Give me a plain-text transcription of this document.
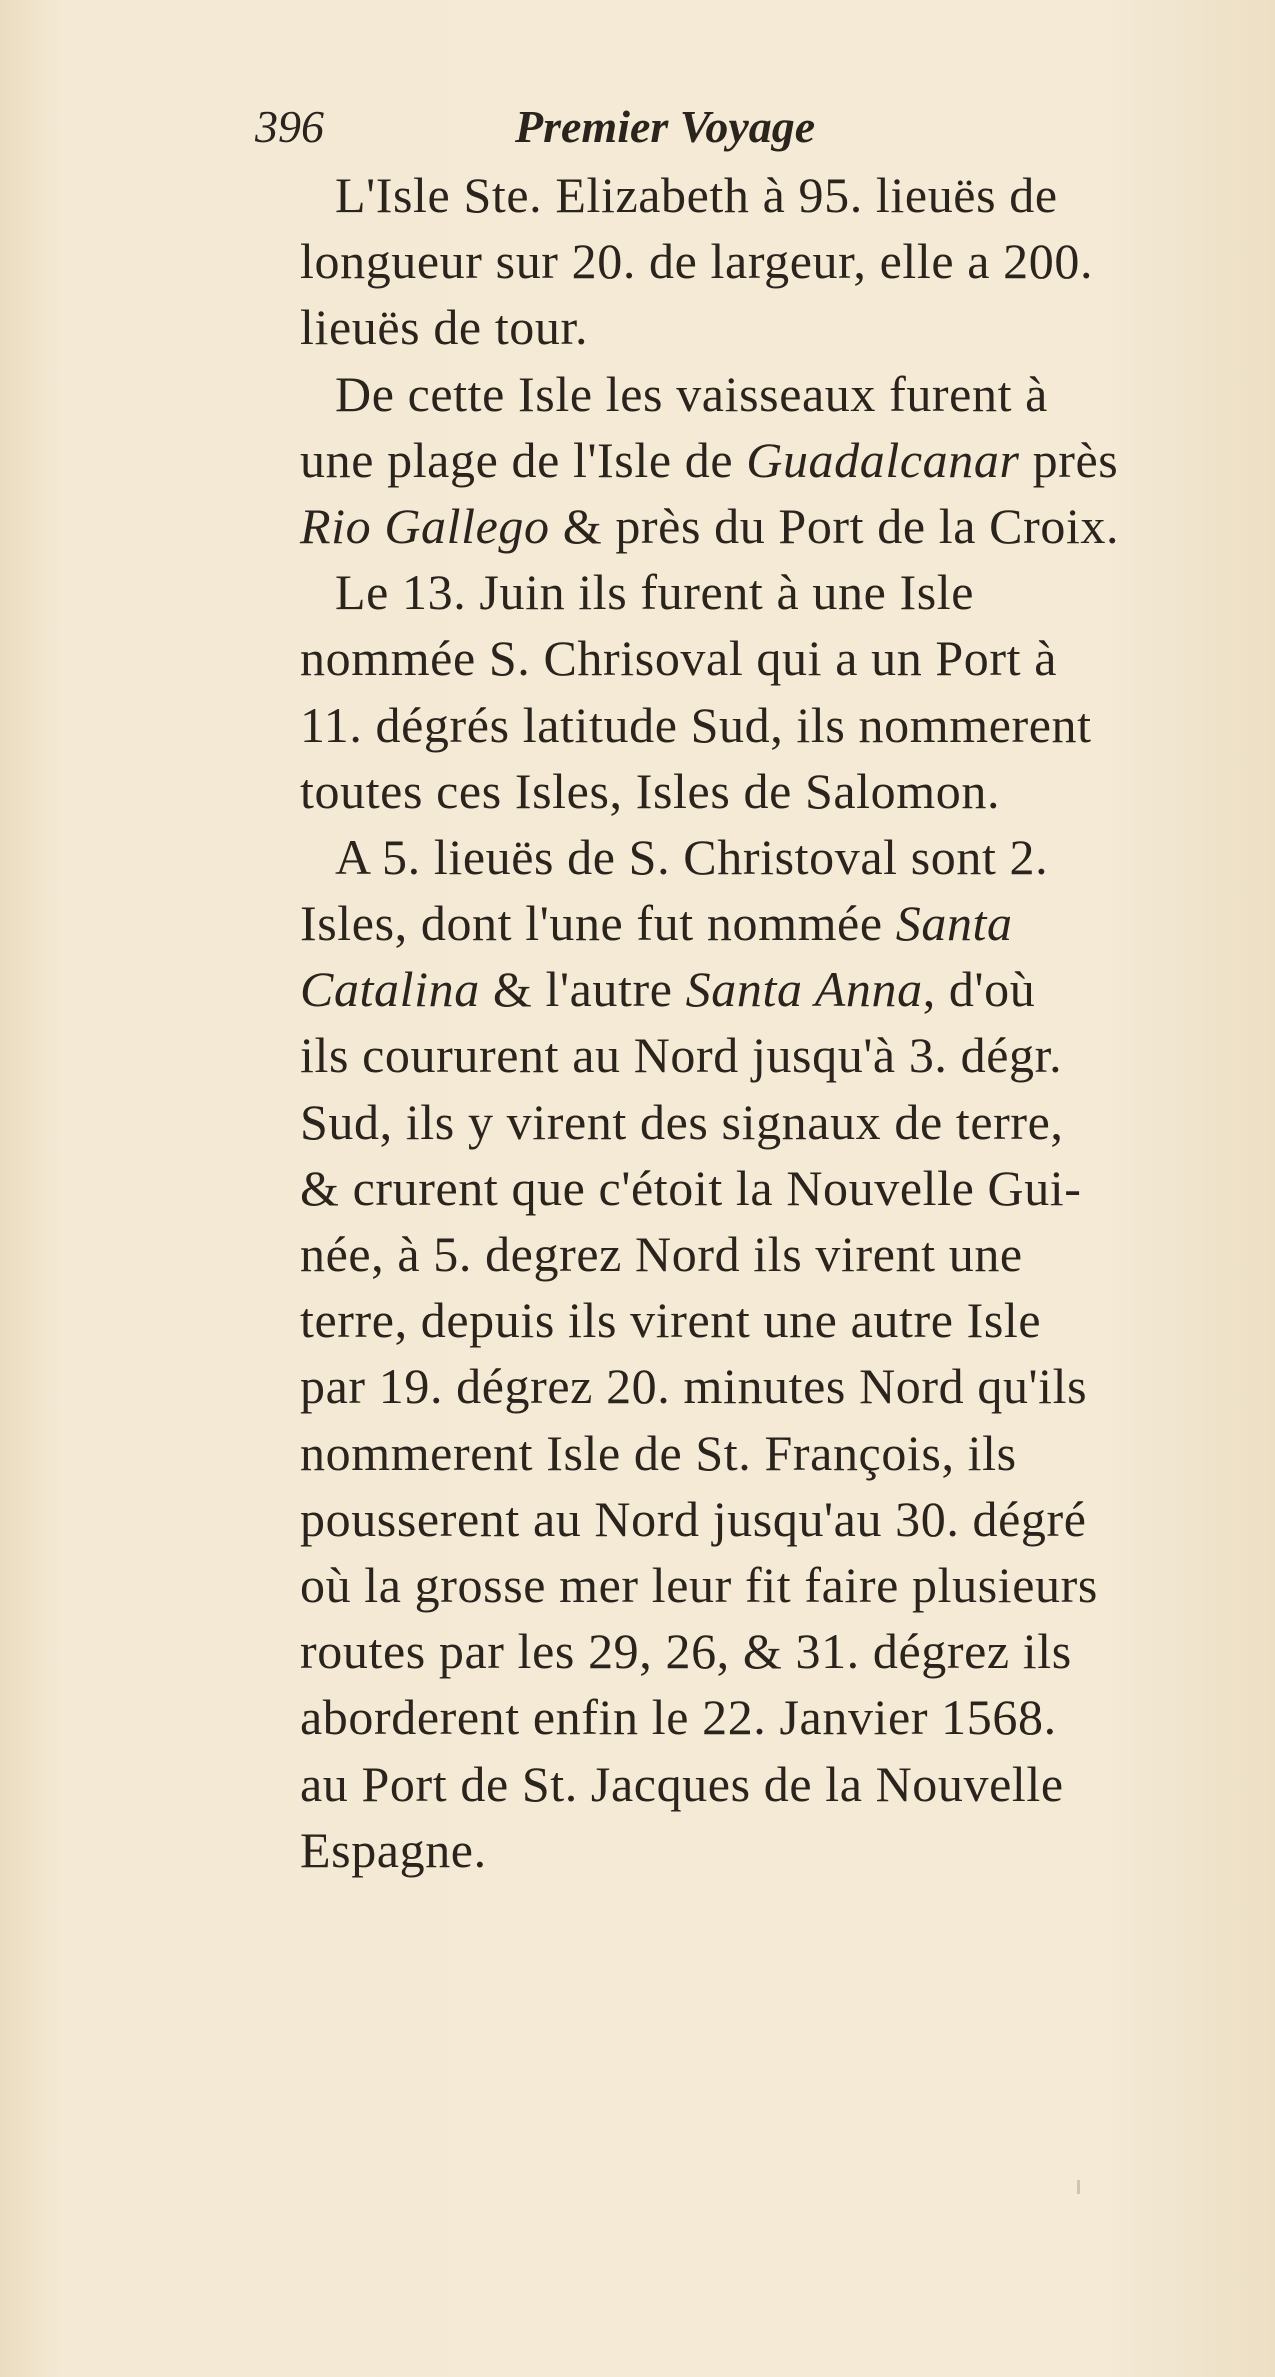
396	Premier Voyage
L'Isle Ste. Elizabeth à 95. lieuës de
longueur sur 20. de largeur, elle a 200.
lieuës de tour.
De cette Isle les vaisseaux furent à
une plage de l'Isle de Guadalcanar près
Rio Gallego & près du Port de la Croix.
Le 13. Juin ils furent à une Isle
nommée S. Chrisoval qui a un Port à
11. dégrés latitude Sud, ils nommerent
toutes ces Isles, Isles de Salomon.
A 5. lieuës de S. Christoval sont 2.
Isles, dont l'une fut nommée Santa
Catalina & l'autre Santa Anna, d'où
ils coururent au Nord jusqu'à 3. dégr.
Sud, ils y virent des signaux de terre,
& crurent que c'étoit la Nouvelle Gui-
née, à 5. degrez Nord ils virent une
terre, depuis ils virent une autre Isle
par 19. dégrez 20. minutes Nord qu'ils
nommerent Isle de St. François, ils
pousserent au Nord jusqu'au 30. dégré
où la grosse mer leur fit faire plusieurs
routes par les 29, 26, & 31. dégrez ils
aborderent enfin le 22. Janvier 1568.
au Port de St. Jacques de la Nouvelle
Espagne.
